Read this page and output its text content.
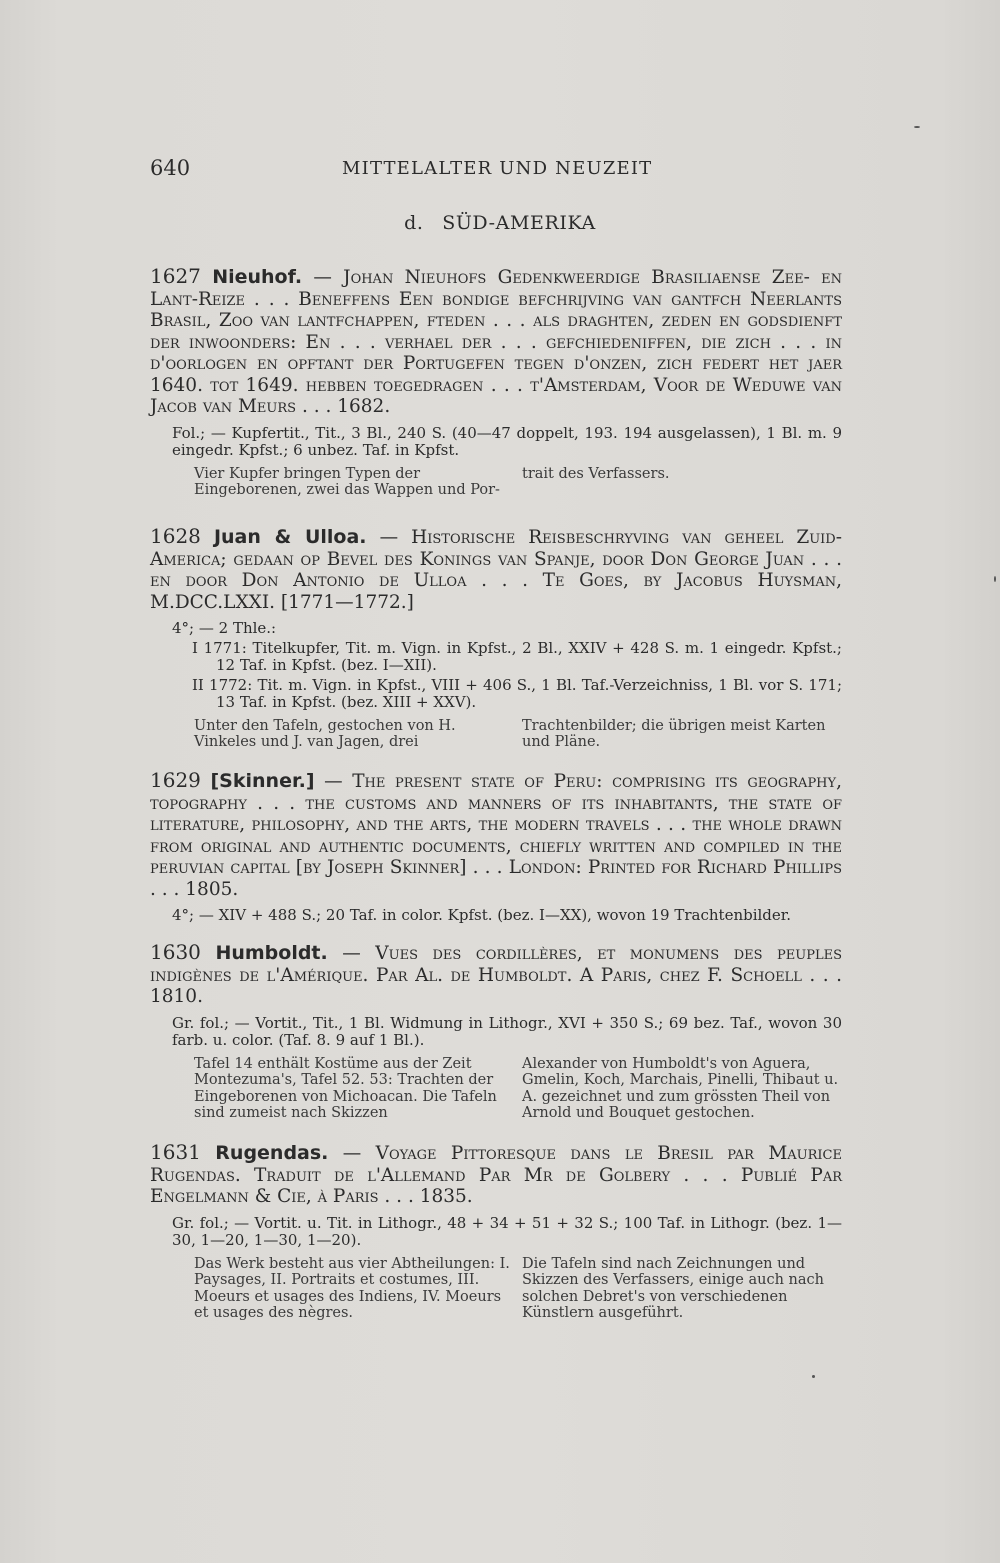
640	MITTELALTER UND NEUZEIT
d. SÜD-AMERIKA
1627 Nieuhof. — Johan Nieuhofs Gedenkweerdige Brasiliaense Zee- en Lant-Reize . . . Beneffens Een bondige befchrijving van gantfch Neerlants Brasil, Zoo van lantfchappen, fteden . . . als draghten, zeden en godsdienft der inwoonders: En . . . verhael der . . . gefchiedeniffen, die zich . . . in d'oorlogen en opftant der Portugefen tegen d'onzen, zich federt het jaer 1640. tot 1649. hebben toegedragen . . . t'Amsterdam, Voor de Weduwe van Jacob van Meurs . . . 1682.
Fol.; — Kupfertit., Tit., 3 Bl., 240 S. (40—47 doppelt, 193. 194 ausgelassen), 1 Bl. m. 9 eingedr. Kpfst.; 6 unbez. Taf. in Kpfst.
Vier Kupfer bringen Typen der Eingeborenen, zwei das Wappen und Por-
trait des Verfassers.
1628 Juan & Ulloa. — Historische Reisbeschryving van geheel Zuid-America; gedaan op Bevel des Konings van Spanje, door Don George Juan . . . en door Don Antonio de Ulloa . . . Te Goes, by Jacobus Huysman, M.DCC.LXXI. [1771—1772.]
4°; — 2 Thle.:
I 1771: Titelkupfer, Tit. m. Vign. in Kpfst., 2 Bl., XXIV + 428 S. m. 1 eingedr. Kpfst.; 12 Taf. in Kpfst. (bez. I—XII).
II 1772: Tit. m. Vign. in Kpfst., VIII + 406 S., 1 Bl. Taf.-Verzeichniss, 1 Bl. vor S. 171; 13 Taf. in Kpfst. (bez. XIII + XXV).
Unter den Tafeln, gestochen von H. Vinkeles und J. van Jagen, drei
Trachtenbilder; die übrigen meist Karten und Pläne.
1629 [Skinner.] — The present state of Peru: comprising its geography, topography . . . the customs and manners of its inhabitants, the state of literature, philosophy, and the arts, the modern travels . . . the whole drawn from original and authentic documents, chiefly written and compiled in the peruvian capital [by Joseph Skinner] . . . London: Printed for Richard Phillips . . . 1805.
4°; — XIV + 488 S.; 20 Taf. in color. Kpfst. (bez. I—XX), wovon 19 Trachtenbilder.
1630 Humboldt. — Vues des cordillères, et monumens des peuples indigènes de l'Amérique. Par Al. de Humboldt. A Paris, chez F. Schoell . . . 1810.
Gr. fol.; — Vortit., Tit., 1 Bl. Widmung in Lithogr., XVI + 350 S.; 69 bez. Taf., wovon 30 farb. u. color. (Taf. 8. 9 auf 1 Bl.).
Tafel 14 enthält Kostüme aus der Zeit Montezuma's, Tafel 52. 53: Trachten der Eingeborenen von Michoacan. Die Tafeln sind zumeist nach Skizzen
Alexander von Humboldt's von Aguera, Gmelin, Koch, Marchais, Pinelli, Thibaut u. A. gezeichnet und zum grössten Theil von Arnold und Bouquet gestochen.
1631 Rugendas. — Voyage Pittoresque dans le Bresil par Maurice Rugendas. Traduit de l'Allemand Par Mr de Golbery . . . Publié Par Engelmann & Cie, à Paris . . . 1835.
Gr. fol.; — Vortit. u. Tit. in Lithogr., 48 + 34 + 51 + 32 S.; 100 Taf. in Lithogr. (bez. 1—30, 1—20, 1—30, 1—20).
Das Werk besteht aus vier Abtheilungen: I. Paysages, II. Portraits et costumes, III. Moeurs et usages des Indiens, IV. Moeurs et usages des nègres.
Die Tafeln sind nach Zeichnungen und Skizzen des Verfassers, einige auch nach solchen Debret's von verschiedenen Künstlern ausgeführt.
